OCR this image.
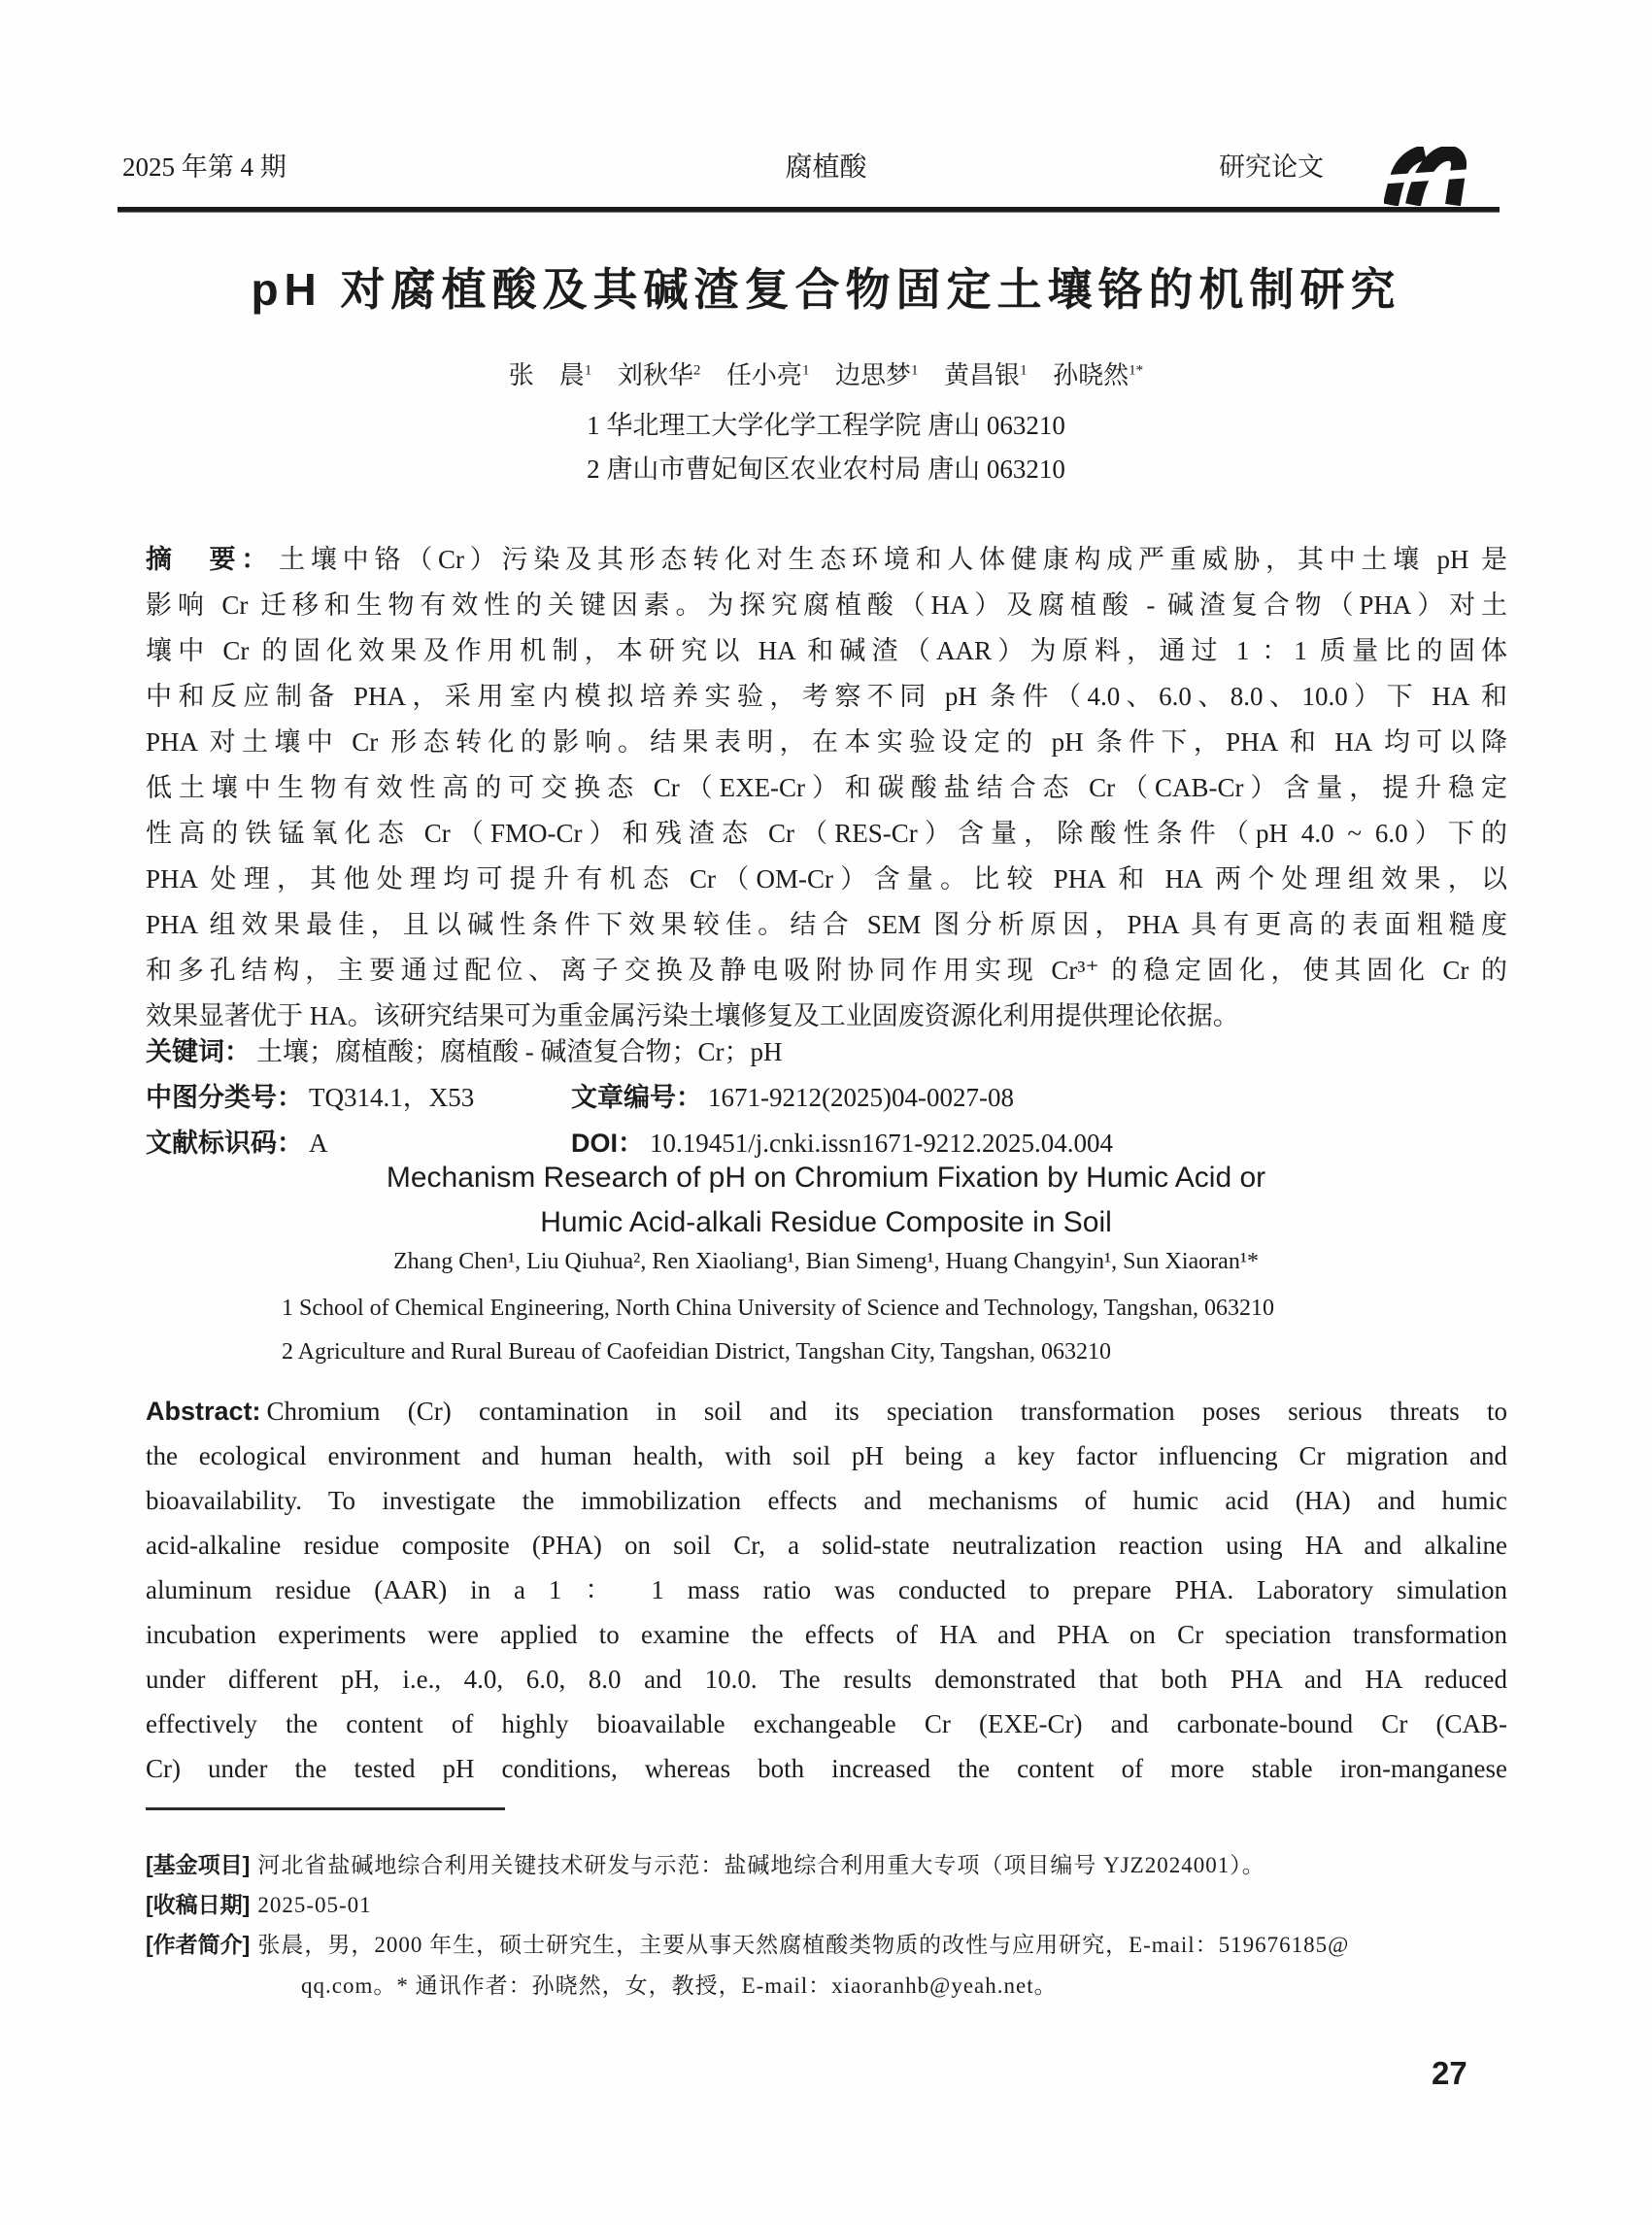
2025 年第 4 期	腐植酸	研究论文
pH 对腐植酸及其碱渣复合物固定土壤铬的机制研究
张　晨$^1$ 刘秋华$^2$ 任小亮$^1$ 边思梦$^1$ 黄昌银$^1$ 孙晓然$^{1*}$
1 华北理工大学化学工程学院 唐山 063210
2 唐山市曹妃甸区农业农村局 唐山 063210
摘　要： 土壤中铬（Cr）污染及其形态转化对生态环境和人体健康构成严重威胁，其中土壤 pH 是
影响 Cr 迁移和生物有效性的关键因素。为探究腐植酸（HA）及腐植酸 - 碱渣复合物（PHA）对土
壤中 Cr 的固化效果及作用机制，本研究以 HA 和碱渣（AAR）为原料，通过 1 ：1 质量比的固体
中和反应制备 PHA，采用室内模拟培养实验，考察不同 pH 条件（4.0、6.0、8.0、10.0）下 HA 和
PHA 对土壤中 Cr 形态转化的影响。结果表明，在本实验设定的 pH 条件下，PHA 和 HA 均可以降
低土壤中生物有效性高的可交换态 Cr（EXE-Cr）和碳酸盐结合态 Cr（CAB-Cr）含量，提升稳定
性高的铁锰氧化态 Cr（FMO-Cr）和残渣态 Cr（RES-Cr）含量，除酸性条件（pH 4.0 ~ 6.0）下的
PHA 处理，其他处理均可提升有机态 Cr（OM-Cr）含量。比较 PHA 和 HA 两个处理组效果，以
PHA 组效果最佳，且以碱性条件下效果较佳。结合 SEM 图分析原因，PHA 具有更高的表面粗糙度
和多孔结构，主要通过配位、离子交换及静电吸附协同作用实现 Cr³⁺ 的稳定固化，使其固化 Cr 的
效果显著优于 HA。该研究结果可为重金属污染土壤修复及工业固废资源化利用提供理论依据。
关键词： 土壤；腐植酸；腐植酸 - 碱渣复合物；Cr；pH
中图分类号： TQ314.1，X53	文章编号： 1671-9212(2025)04-0027-08
文献标识码： A	DOI： 10.19451/j.cnki.issn1671-9212.2025.04.004
Mechanism Research of pH on Chromium Fixation by Humic Acid or
Humic Acid-alkali Residue Composite in Soil
Zhang Chen¹, Liu Qiuhua², Ren Xiaoliang¹, Bian Simeng¹, Huang Changyin¹, Sun Xiaoran¹*
1 School of Chemical Engineering, North China University of Science and Technology, Tangshan, 063210
2 Agriculture and Rural Bureau of Caofeidian District, Tangshan City, Tangshan, 063210
Abstract: Chromium (Cr) contamination in soil and its speciation transformation poses serious threats to
the ecological environment and human health, with soil pH being a key factor influencing Cr migration and
bioavailability. To investigate the immobilization effects and mechanisms of humic acid (HA) and humic
acid-alkaline residue composite (PHA) on soil Cr, a solid-state neutralization reaction using HA and alkaline
aluminum residue (AAR) in a 1 ： 1 mass ratio was conducted to prepare PHA. Laboratory simulation
incubation experiments were applied to examine the effects of HA and PHA on Cr speciation transformation
under different pH, i.e., 4.0, 6.0, 8.0 and 10.0. The results demonstrated that both PHA and HA reduced
effectively the content of highly bioavailable exchangeable Cr (EXE-Cr) and carbonate-bound Cr (CAB-
Cr) under the tested pH conditions, whereas both increased the content of more stable iron-manganese
[基金项目] 河北省盐碱地综合利用关键技术研发与示范：盐碱地综合利用重大专项（项目编号 YJZ2024001）。
[收稿日期] 2025-05-01
[作者简介] 张晨，男，2000 年生，硕士研究生，主要从事天然腐植酸类物质的改性与应用研究，E-mail：519676185@
qq.com。* 通讯作者：孙晓然，女，教授，E-mail：xiaoranhb@yeah.net。
27
